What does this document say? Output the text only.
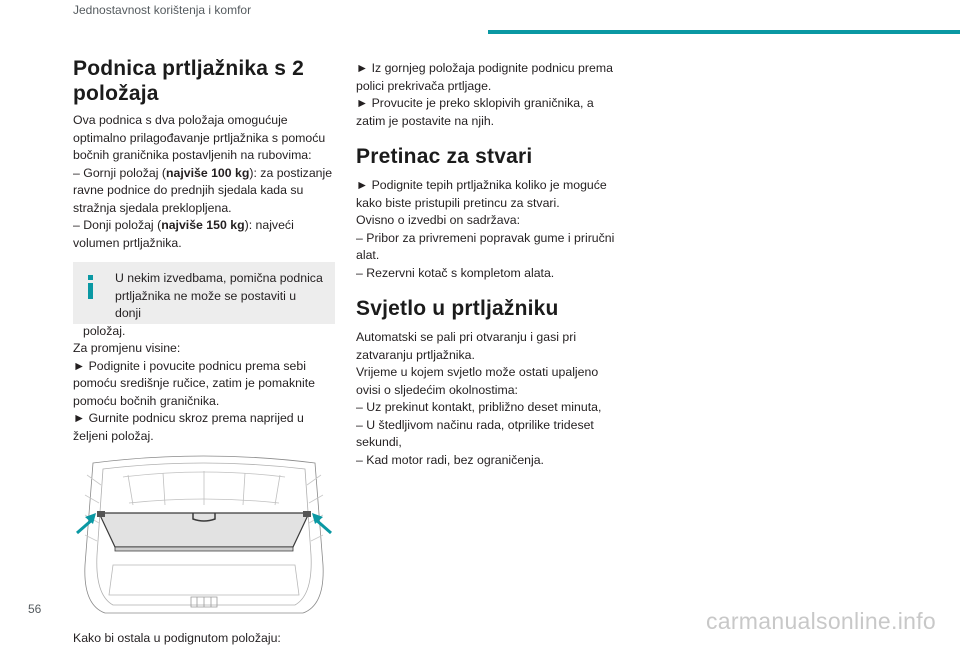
Jednostavnost korištenja i komfor
Podnica prtljažnika s 2
položaja

Ova podnica s dva položaja omogućuje
optimalno prilagođavanje prtljažnika s pomoću
bočnih graničnika postavljenih na rubovima:
– Gornji položaj (najviše 100 kg): za postizanje
ravne podnice do prednjih sjedala kada su
stražnja sjedala preklopljena.
– Donji položaj (najviše 150 kg): najveći
volumen prtljažnika.

U nekim izvedbama, pomična podnica
prtljažnika ne može se postaviti u donji
položaj.

Za promjenu visine:
► Podignite i povucite podnicu prema sebi
pomoću središnje ručice, zatim je pomaknite
pomoću bočnih graničnika.
► Gurnite podnicu skroz prema naprijed u
željeni položaj.

Kako bi ostala u podignutom položaju:

► Iz gornjeg položaja podignite podnicu prema
polici prekrivača prtljage.
► Provucite je preko sklopivih graničnika, a
zatim je postavite na njih.

Pretinac za stvari

► Podignite tepih prtljažnika koliko je moguće
kako biste pristupili pretincu za stvari.
Ovisno o izvedbi on sadržava:
– Pribor za privremeni popravak gume i priručni
alat.
– Rezervni kotač s kompletom alata.

Svjetlo u prtljažniku

Automatski se pali pri otvaranju i gasi pri
zatvaranju prtljažnika.
Vrijeme u kojem svjetlo može ostati upaljeno
ovisi o sljedećim okolnostima:
– Uz prekinut kontakt, približno deset minuta,
– U štedljivom načinu rada, otprilike trideset
sekundi,
– Kad motor radi, bez ograničenja.

56	carmanualsonline.info
